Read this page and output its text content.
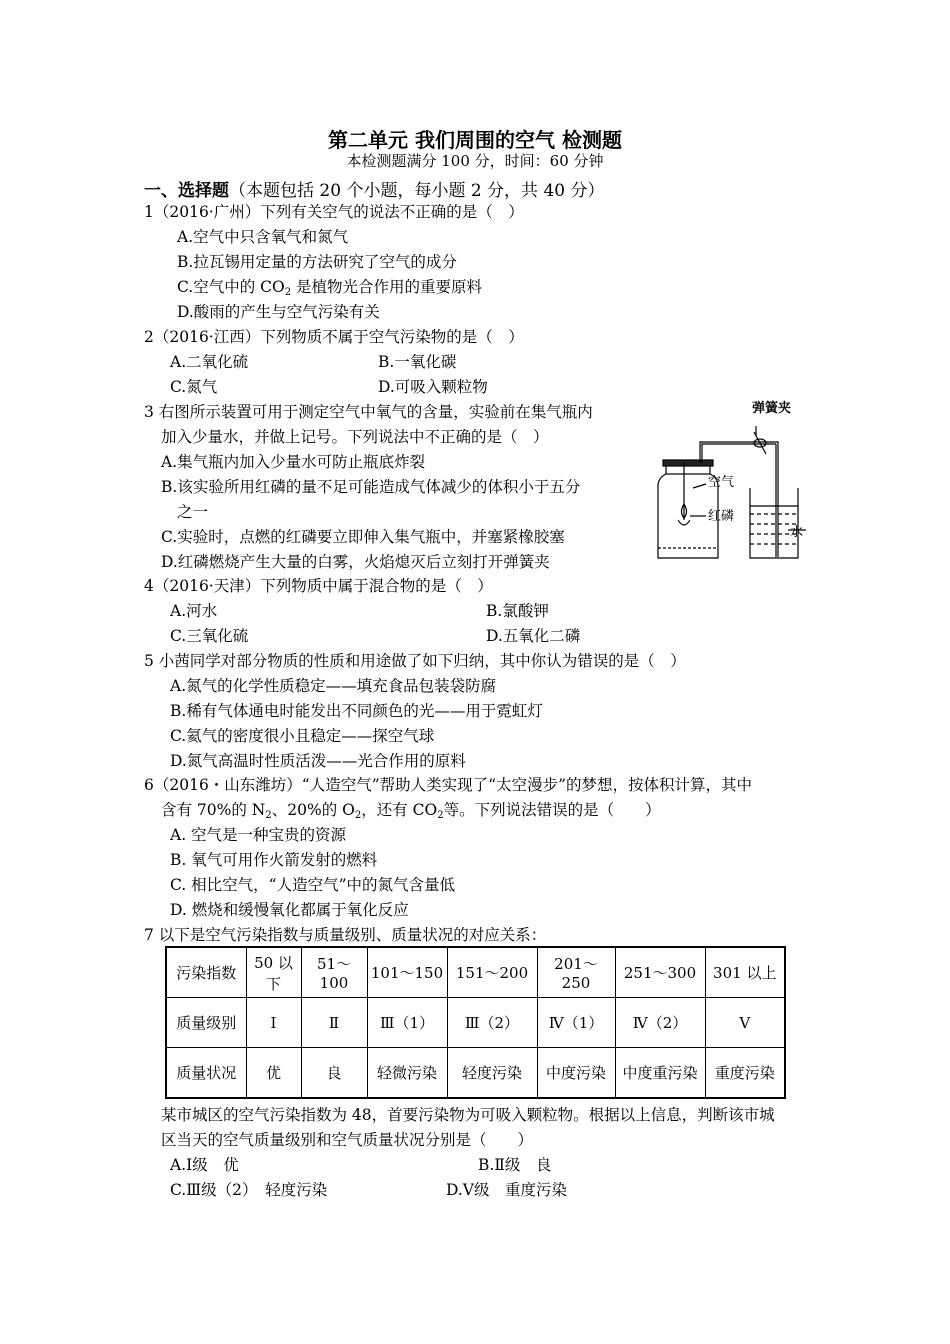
第二单元 我们周围的空气 检测题
本检测题满分 100 分，时间：60 分钟
一、选择题（本题包括 20 个小题，每小题 2 分，共 40 分）
1（2016·广州）下列有关空气的说法不正确的是（　）
A.空气中只含氧气和氮气
B.拉瓦锡用定量的方法研究了空气的成分
C.空气中的 $CO_2$ 是植物光合作用的重要原料
D.酸雨的产生与空气污染有关
2（2016·江西）下列物质不属于空气污染物的是（　）
A.二氧化硫	B.一氧化碳
C.氮气	D.可吸入颗粒物
3 右图所示装置可用于测定空气中氧气的含量，实验前在集气瓶内
加入少量水，并做上记号。下列说法中不正确的是（　）
A.集气瓶内加入少量水可防止瓶底炸裂
B.该实验所用红磷的量不足可能造成气体减少的体积小于五分
之一
C.实验时，点燃的红磷要立即伸入集气瓶中，并塞紧橡胶塞
D.红磷燃烧产生大量的白雾，火焰熄灭后立刻打开弹簧夹
弹簧夹
空气
红磷
水
4（2016·天津）下列物质中属于混合物的是（　）
A.河水	B.氯酸钾
C.三氧化硫	D.五氧化二磷
5 小茜同学对部分物质的性质和用途做了如下归纳，其中你认为错误的是（　）
A.氮气的化学性质稳定——填充食品包装袋防腐
B.稀有气体通电时能发出不同颜色的光——用于霓虹灯
C.氦气的密度很小且稳定——探空气球
D.氮气高温时性质活泼——光合作用的原料
6（2016・山东潍坊）“人造空气”帮助人类实现了“太空漫步”的梦想，按体积计算，其中
含有 70%的 $N_2$、20%的 $O_2$，还有 $CO_2$等。下列说法错误的是（　　）
A. 空气是一种宝贵的资源
B. 氧气可用作火箭发射的燃料
C. 相比空气，“人造空气”中的氮气含量低
D. 燃烧和缓慢氧化都属于氧化反应
7 以下是空气污染指数与质量级别、质量状况的对应关系：
污染指数	50 以下	51～100	101～150	151～200	201～250	251～300	301 以上
质量级别	Ⅰ	Ⅱ	Ⅲ（1）	Ⅲ（2）	Ⅳ（1）	Ⅳ（2）	Ⅴ
质量状况	优	良	轻微污染	轻度污染	中度污染	中度重污染	重度污染
某市城区的空气污染指数为 48，首要污染物为可吸入颗粒物。根据以上信息，判断该市城
区当天的空气质量级别和空气质量状况分别是（　　）
A.Ⅰ级　优	B.Ⅱ级　良
C.Ⅲ级（2）　轻度污染	D.Ⅴ级　重度污染
